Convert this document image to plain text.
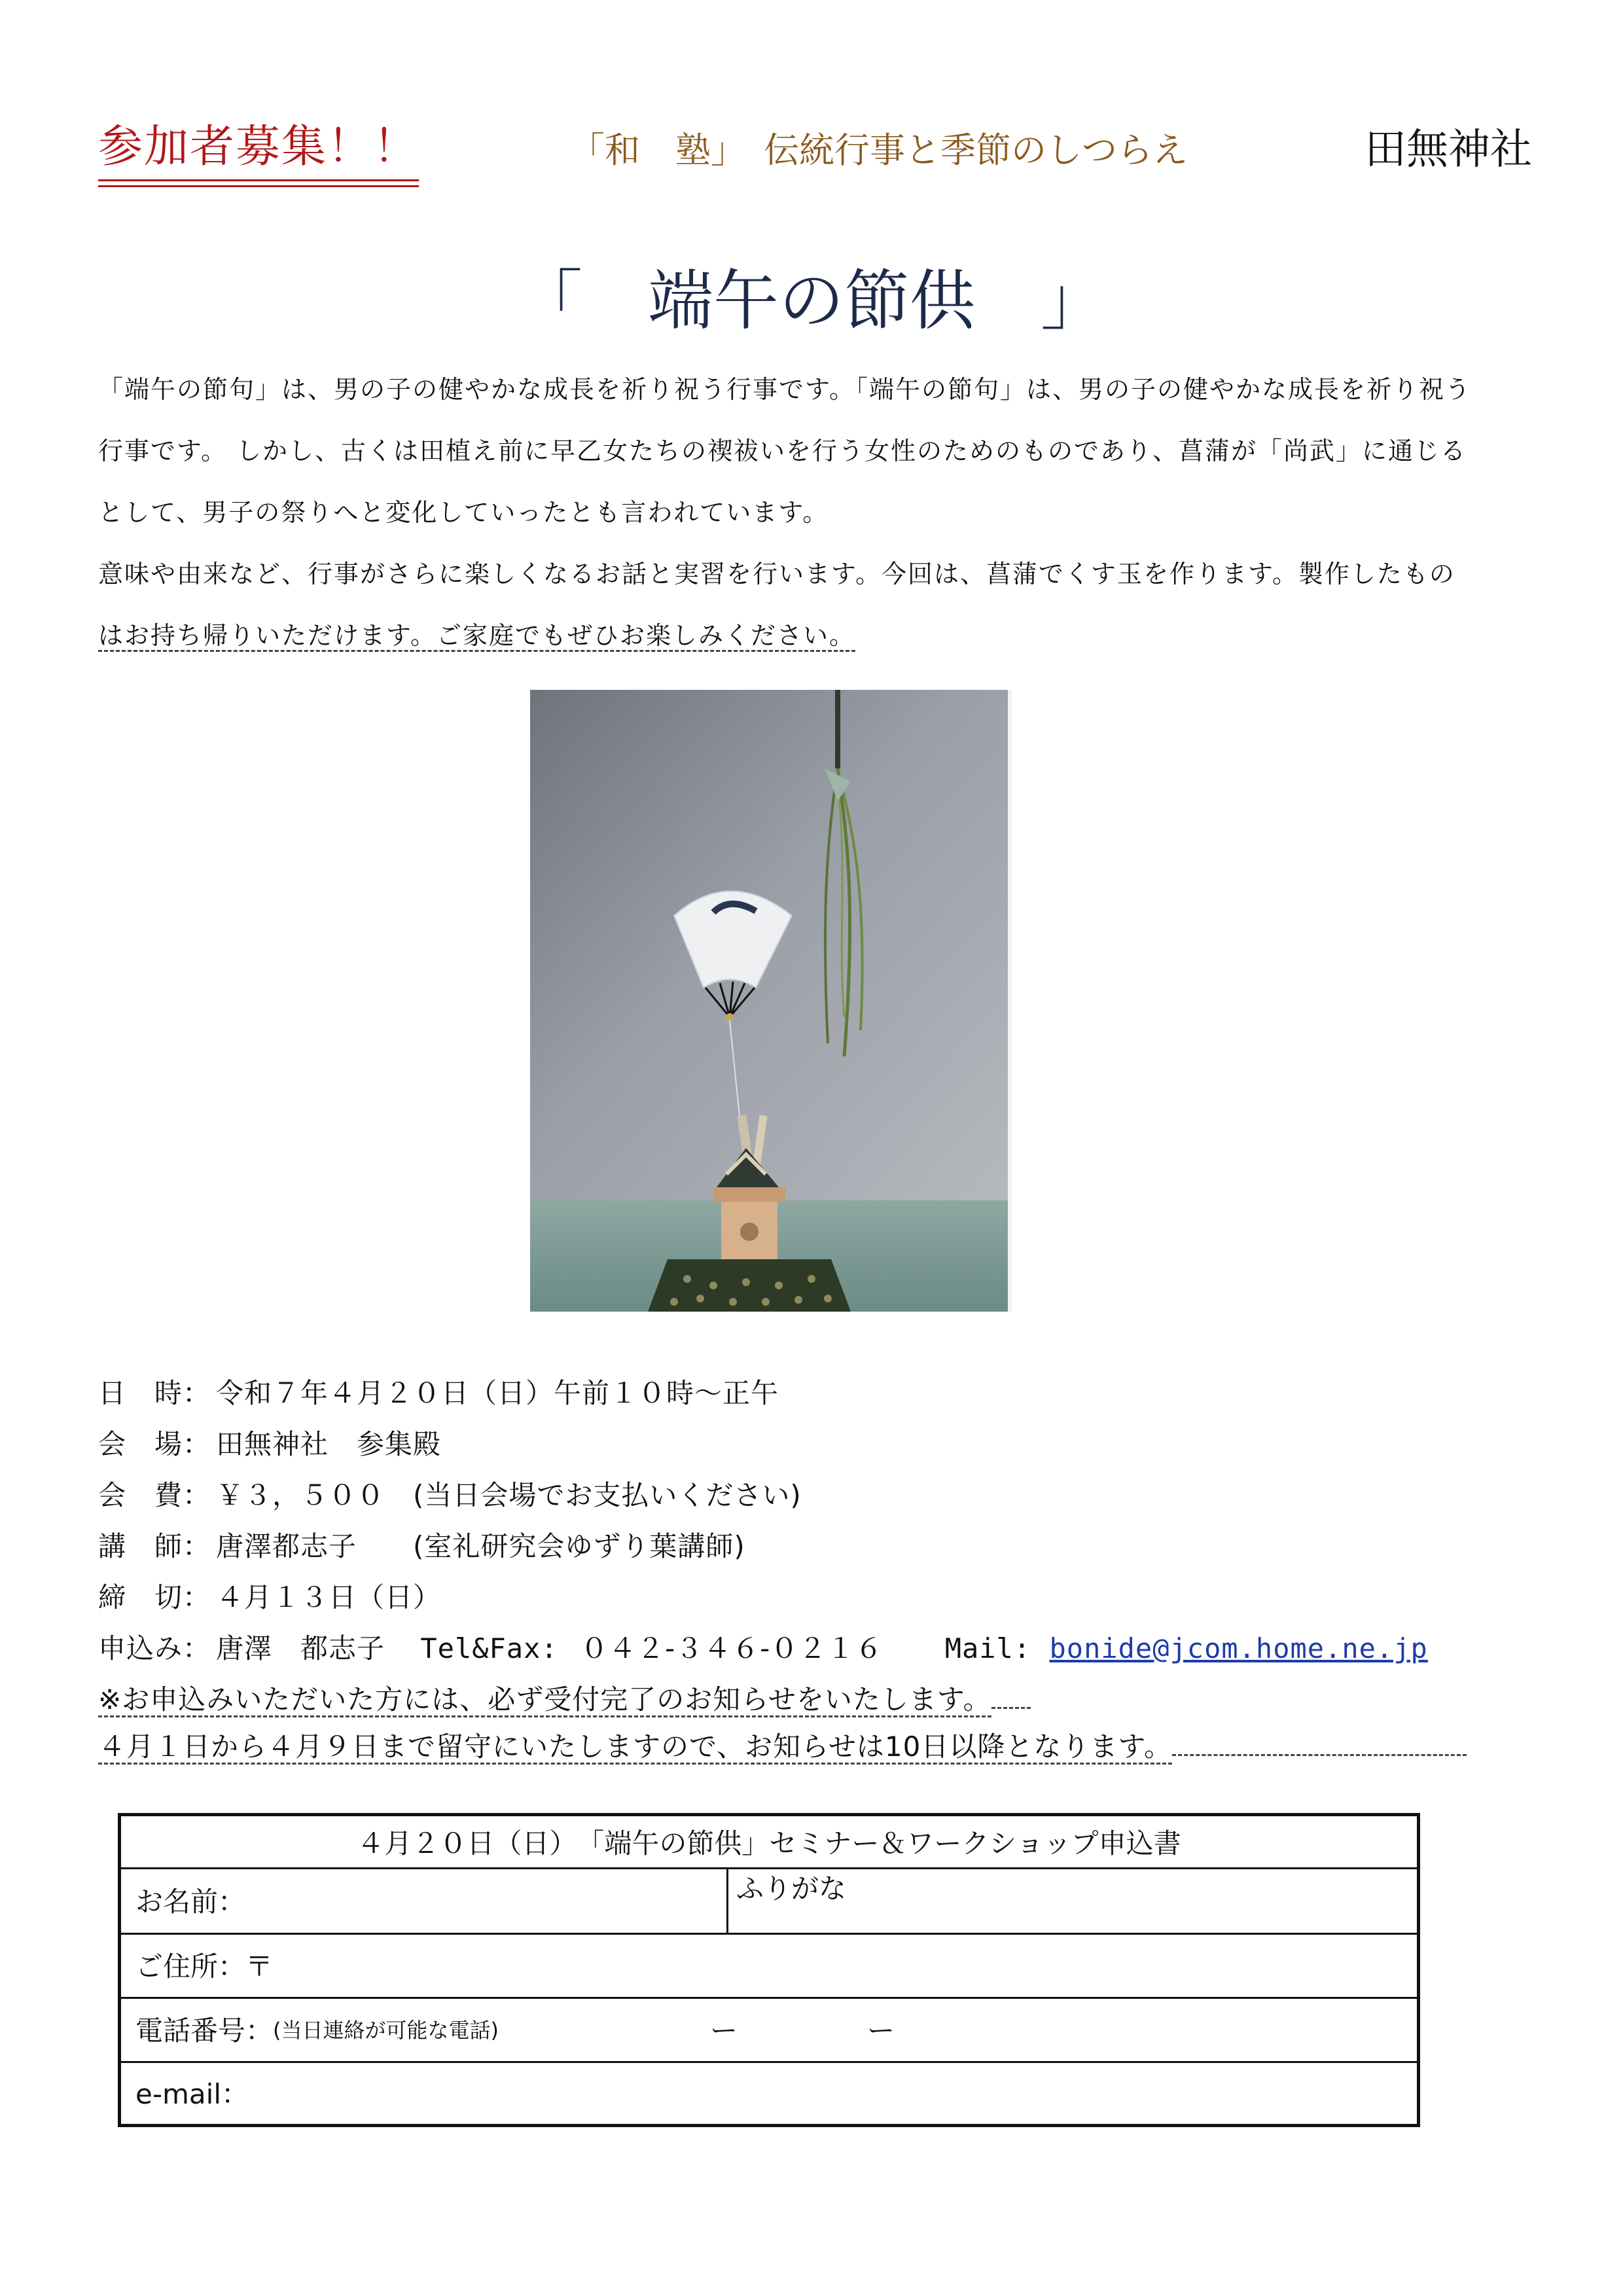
参加者募集！！	「和　塾」　伝統行事と季節のしつらえ	田無神社
「　端午の節供　」
「端午の節句」は、男の子の健やかな成長を祈り祝う行事です。「端午の節句」は、男の子の健やかな成長を祈り祝う
行事です。 しかし、古くは田植え前に早乙女たちの禊祓いを行う女性のためのものであり、菖蒲が「尚武」に通じる
として、男子の祭りへと変化していったとも言われています。
意味や由来など、行事がさらに楽しくなるお話と実習を行います。今回は、菖蒲でくす玉を作ります。製作したもの
はお持ち帰りいただけます。ご家庭でもぜひお楽しみください。
日　時： 令和７年４月２０日（日）午前１０時～正午
会　場： 田無神社　参集殿
会　費： ￥３，５００　(当日会場でお支払いください)
講　師： 唐澤都志子　　(室礼研究会ゆずり葉講師)
締　切： ４月１３日（日）
申込み： 唐澤　都志子 Tel&Fax: ０４２-３４６-０２１６ Mail: bonide@jcom.home.ne.jp
※お申込みいただいた方には、必ず受付完了のお知らせをいたします。
４月１日から４月９日まで留守にいたしますので、お知らせは10日以降となります。
４月２０日（日）　「端午の節供」セミナー＆ワークショップ申込書
お名前：	ふりがな
ご住所：〒
電話番号： (当日連絡が可能な電話)	ー	ー
e-mail：
